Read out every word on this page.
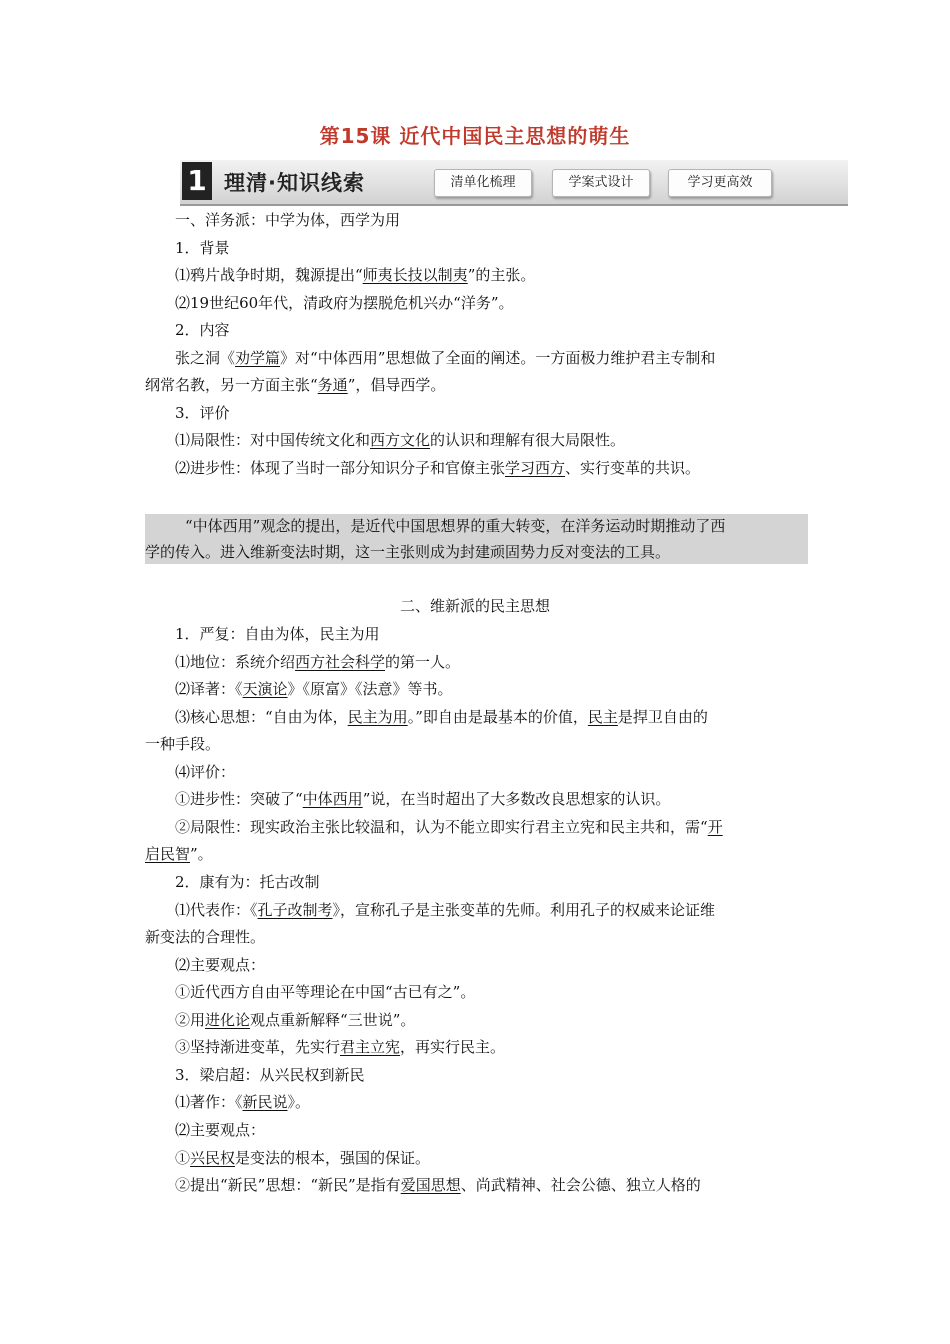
第15课 近代中国民主思想的萌生
1 理清·知识线索	清单化梳理	学案式设计	学习更高效
一、洋务派：中学为体，西学为用
1．背景
⑴鸦片战争时期，魏源提出“师夷长技以制夷”的主张。
⑵19世纪60年代，清政府为摆脱危机兴办“洋务”。
2．内容
张之洞《劝学篇》对“中体西用”思想做了全面的阐述。一方面极力维护君主专制和
纲常名教，另一方面主张“务通”，倡导西学。
3．评价
⑴局限性：对中国传统文化和西方文化的认识和理解有很大局限性。
⑵进步性：体现了当时一部分知识分子和官僚主张学习西方、实行变革的共识。
“中体西用”观念的提出，是近代中国思想界的重大转变，在洋务运动时期推动了西
学的传入。进入维新变法时期，这一主张则成为封建顽固势力反对变法的工具。
二、维新派的民主思想
1．严复：自由为体，民主为用
⑴地位：系统介绍西方社会科学的第一人。
⑵译著：《天演论》《原富》《法意》等书。
⑶核心思想：“自由为体，民主为用。”即自由是最基本的价值，民主是捍卫自由的
一种手段。
⑷评价：
①进步性：突破了“中体西用”说，在当时超出了大多数改良思想家的认识。
②局限性：现实政治主张比较温和，认为不能立即实行君主立宪和民主共和，需“开
启民智”。
2．康有为：托古改制
⑴代表作：《孔子改制考》，宣称孔子是主张变革的先师。利用孔子的权威来论证维
新变法的合理性。
⑵主要观点：
①近代西方自由平等理论在中国“古已有之”。
②用进化论观点重新解释“三世说”。
③坚持渐进变革，先实行君主立宪，再实行民主。
3．梁启超：从兴民权到新民
⑴著作：《新民说》。
⑵主要观点：
①兴民权是变法的根本，强国的保证。
②提出“新民”思想：“新民”是指有爱国思想、尚武精神、社会公德、独立人格的
